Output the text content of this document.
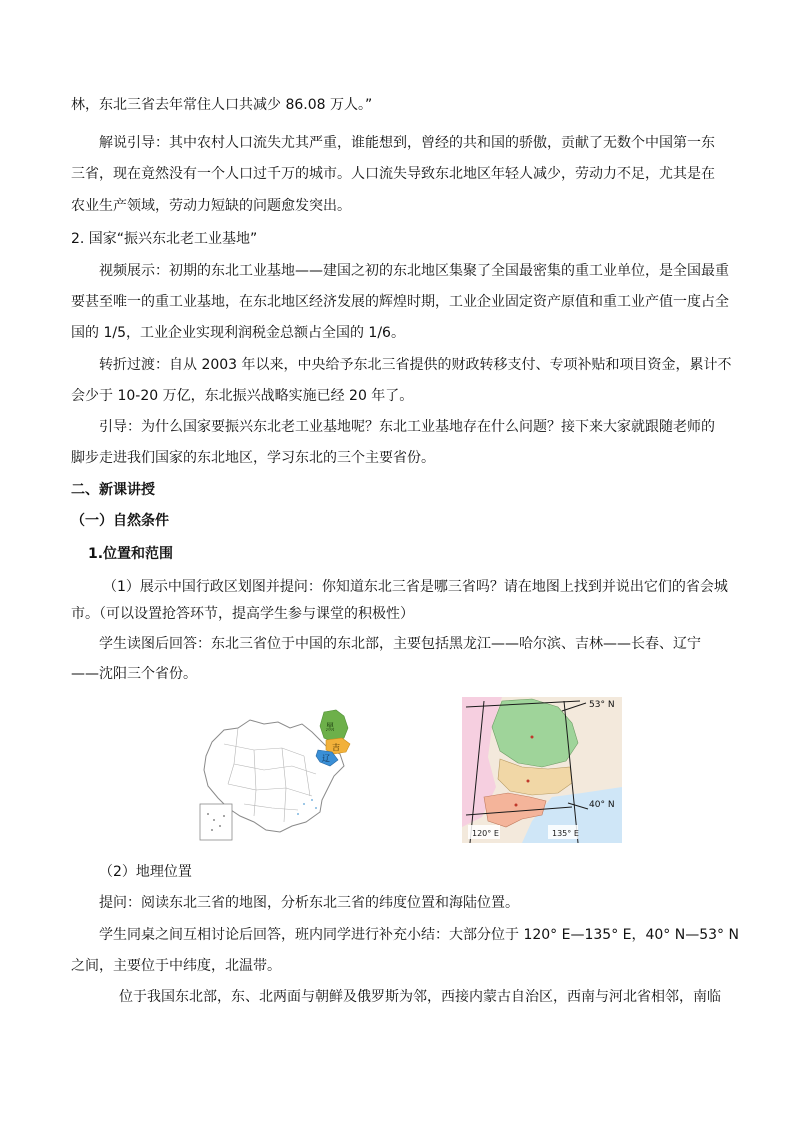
林，东北三省去年常住人口共减少 86.08 万人。”
解说引导：其中农村人口流失尤其严重，谁能想到，曾经的共和国的骄傲，贡献了无数个中国第一东
三省，现在竟然没有一个人口过千万的城市。人口流失导致东北地区年轻人减少，劳动力不足，尤其是在
农业生产领域，劳动力短缺的问题愈发突出。
2. 国家“振兴东北老工业基地”
视频展示：初期的东北工业基地——建国之初的东北地区集聚了全国最密集的重工业单位，是全国最重
要甚至唯一的重工业基地，在东北地区经济发展的辉煌时期，工业企业固定资产原值和重工业产值一度占全
国的 1/5，工业企业实现利润税金总额占全国的 1/6。
转折过渡：自从 2003 年以来，中央给予东北三省提供的财政转移支付、专项补贴和项目资金，累计不
会少于 10-20 万亿，东北振兴战略实施已经 20 年了。
引导：为什么国家要振兴东北老工业基地呢？东北工业基地存在什么问题？接下来大家就跟随老师的
脚步走进我们国家的东北地区，学习东北的三个主要省份。
二、新课讲授
（一）自然条件
1.位置和范围
（1）展示中国行政区划图并提问：你知道东北三省是哪三省吗？请在地图上找到并说出它们的省会城
市。（可以设置抢答环节，提高学生参与课堂的积极性）
学生读图后回答：东北三省位于中国的东北部，主要包括黑龙江——哈尔滨、吉林——长春、辽宁
——沈阳三个省份。
黑
吉
辽
120° E	135° E
53° N
40° N
（2）地理位置
提问：阅读东北三省的地图，分析东北三省的纬度位置和海陆位置。
学生同桌之间互相讨论后回答，班内同学进行补充小结：大部分位于 120° E—135° E，40° N—53° N
之间，主要位于中纬度，北温带。
位于我国东北部，东、北两面与朝鲜及俄罗斯为邻，西接内蒙古自治区，西南与河北省相邻，南临
